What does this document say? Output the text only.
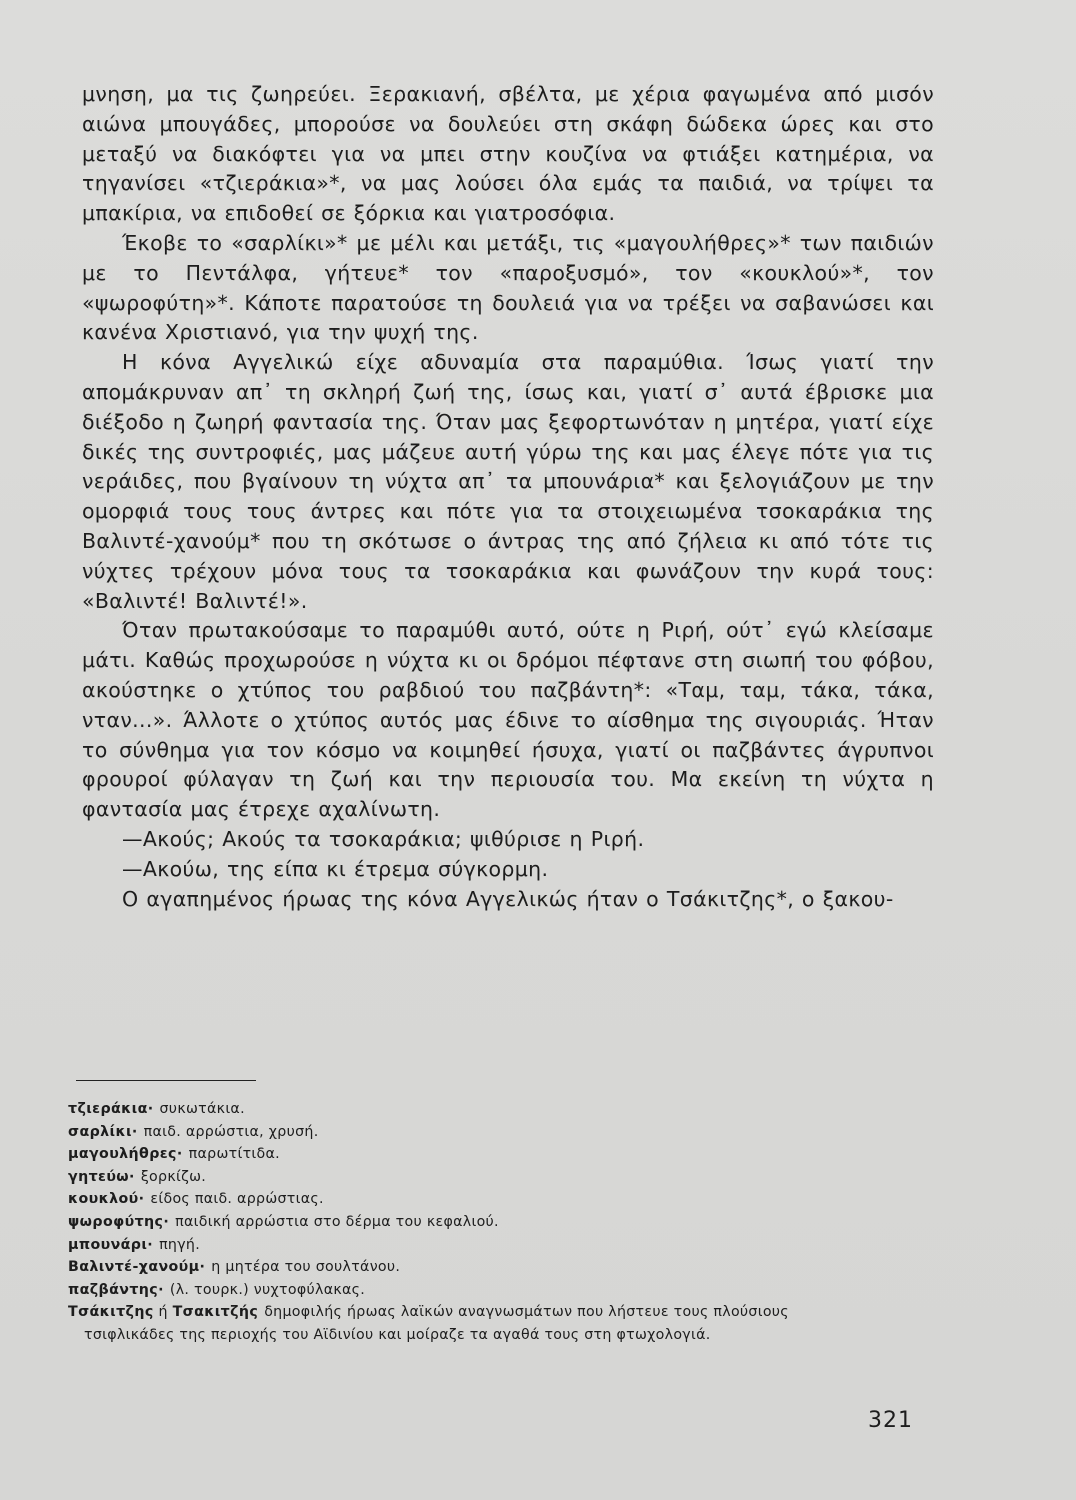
μνηση, μα τις ζωηρεύει. Ξερακιανή, σβέλτα, με χέρια φαγωμένα από μισόν αιώνα μπουγάδες, μπορούσε να δουλεύει στη σκάφη δώδεκα ώρες και στο μεταξύ να διακόφτει για να μπει στην κουζίνα να φτιάξει κατημέρια, να τηγανίσει «τζιεράκια»*, να μας λούσει όλα εμάς τα παιδιά, να τρίψει τα μπακίρια, να επιδοθεί σε ξόρκια και γιατροσόφια.

Έκοβε το «σαρλίκι»* με μέλι και μετάξι, τις «μαγουλήθρες»* των παιδιών με το Πεντάλφα, γήτευε* τον «παροξυσμό», τον «κουκλού»*, τον «ψωροφύτη»*. Κάποτε παρατούσε τη δουλειά για να τρέξει να σαβανώσει και κανένα Χριστιανό, για την ψυχή της.

Η κόνα Αγγελικώ είχε αδυναμία στα παραμύθια. Ίσως γιατί την απομάκρυναν απ᾽ τη σκληρή ζωή της, ίσως και, γιατί σ᾽ αυτά έβρισκε μια διέξοδο η ζωηρή φαντασία της. Όταν μας ξεφορτωνόταν η μητέρα, γιατί είχε δικές της συντροφιές, μας μάζευε αυτή γύρω της και μας έλεγε πότε για τις νεράιδες, που βγαίνουν τη νύχτα απ᾽ τα μπουνάρια* και ξελογιάζουν με την ομορφιά τους τους άντρες και πότε για τα στοιχειωμένα τσοκαράκια της Βαλιντέ-χανούμ* που τη σκότωσε ο άντρας της από ζήλεια κι από τότε τις νύχτες τρέχουν μόνα τους τα τσοκαράκια και φωνάζουν την κυρά τους: «Βαλιντέ! Βαλιντέ!».

Όταν πρωτακούσαμε το παραμύθι αυτό, ούτε η Ριρή, ούτ᾽ εγώ κλείσαμε μάτι. Καθώς προχωρούσε η νύχτα κι οι δρόμοι πέφτανε στη σιωπή του φόβου, ακούστηκε ο χτύπος του ραβδιού του παζβάντη*: «Ταμ, ταμ, τάκα, τάκα, νταν...». Άλλοτε ο χτύπος αυτός μας έδινε το αίσθημα της σιγουριάς. Ήταν το σύνθημα για τον κόσμο να κοιμηθεί ήσυχα, γιατί οι παζβάντες άγρυπνοι φρουροί φύλαγαν τη ζωή και την περιουσία του. Μα εκείνη τη νύχτα η φαντασία μας έτρεχε αχαλίνωτη.

—Ακούς; Ακούς τα τσοκαράκια; ψιθύρισε η Ριρή.

—Ακούω, της είπα κι έτρεμα σύγκορμη.

Ο αγαπημένος ήρωας της κόνα Αγγελικώς ήταν ο Τσάκιτζης*, ο ξακου-

τζιεράκια· συκωτάκια.

σαρλίκι· παιδ. αρρώστια, χρυσή.

μαγουλήθρες· παρωτίτιδα.

γητεύω· ξορκίζω.

κουκλού· είδος παιδ. αρρώστιας.

ψωροφύτης· παιδική αρρώστια στο δέρμα του κεφαλιού.

μπουνάρι· πηγή.

Βαλιντέ-χανούμ· η μητέρα του σουλτάνου.

παζβάντης· (λ. τουρκ.) νυχτοφύλακας.

Τσάκιτζης ή Τσακιτζής δημοφιλής ήρωας λαϊκών αναγνωσμάτων που λήστευε τους πλούσιους
τσιφλικάδες της περιοχής του Αϊδινίου και μοίραζε τα αγαθά τους στη φτωχολογιά.

321
